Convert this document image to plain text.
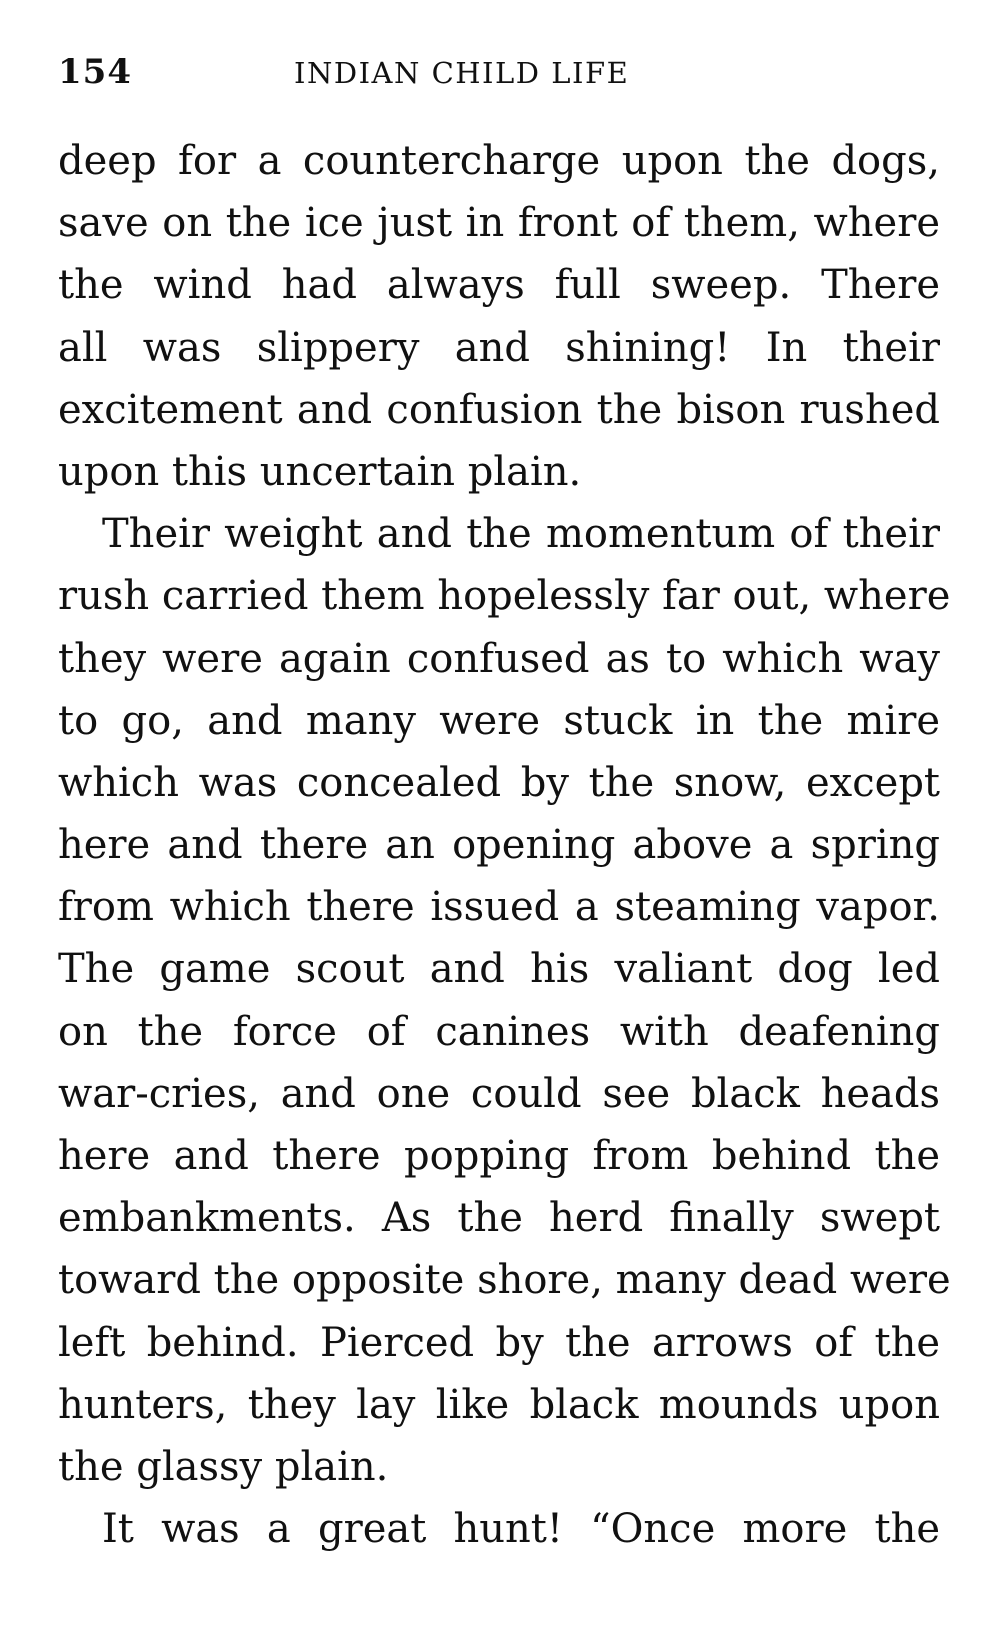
154	INDIAN CHILD LIFE
deep for a countercharge upon the dogs,
save on the ice just in front of them, where
the wind had always full sweep. There
all was slippery and shining! In their
excitement and confusion the bison rushed
upon this uncertain plain.
Their weight and the momentum of their
rush carried them hopelessly far out, where
they were again confused as to which way
to go, and many were stuck in the mire
which was concealed by the snow, except
here and there an opening above a spring
from which there issued a steaming vapor.
The game scout and his valiant dog led
on the force of canines with deafening
war-cries, and one could see black heads
here and there popping from behind the
embankments. As the herd finally swept
toward the opposite shore, many dead were
left behind. Pierced by the arrows of the
hunters, they lay like black mounds upon
the glassy plain.
It was a great hunt! “Once more the
